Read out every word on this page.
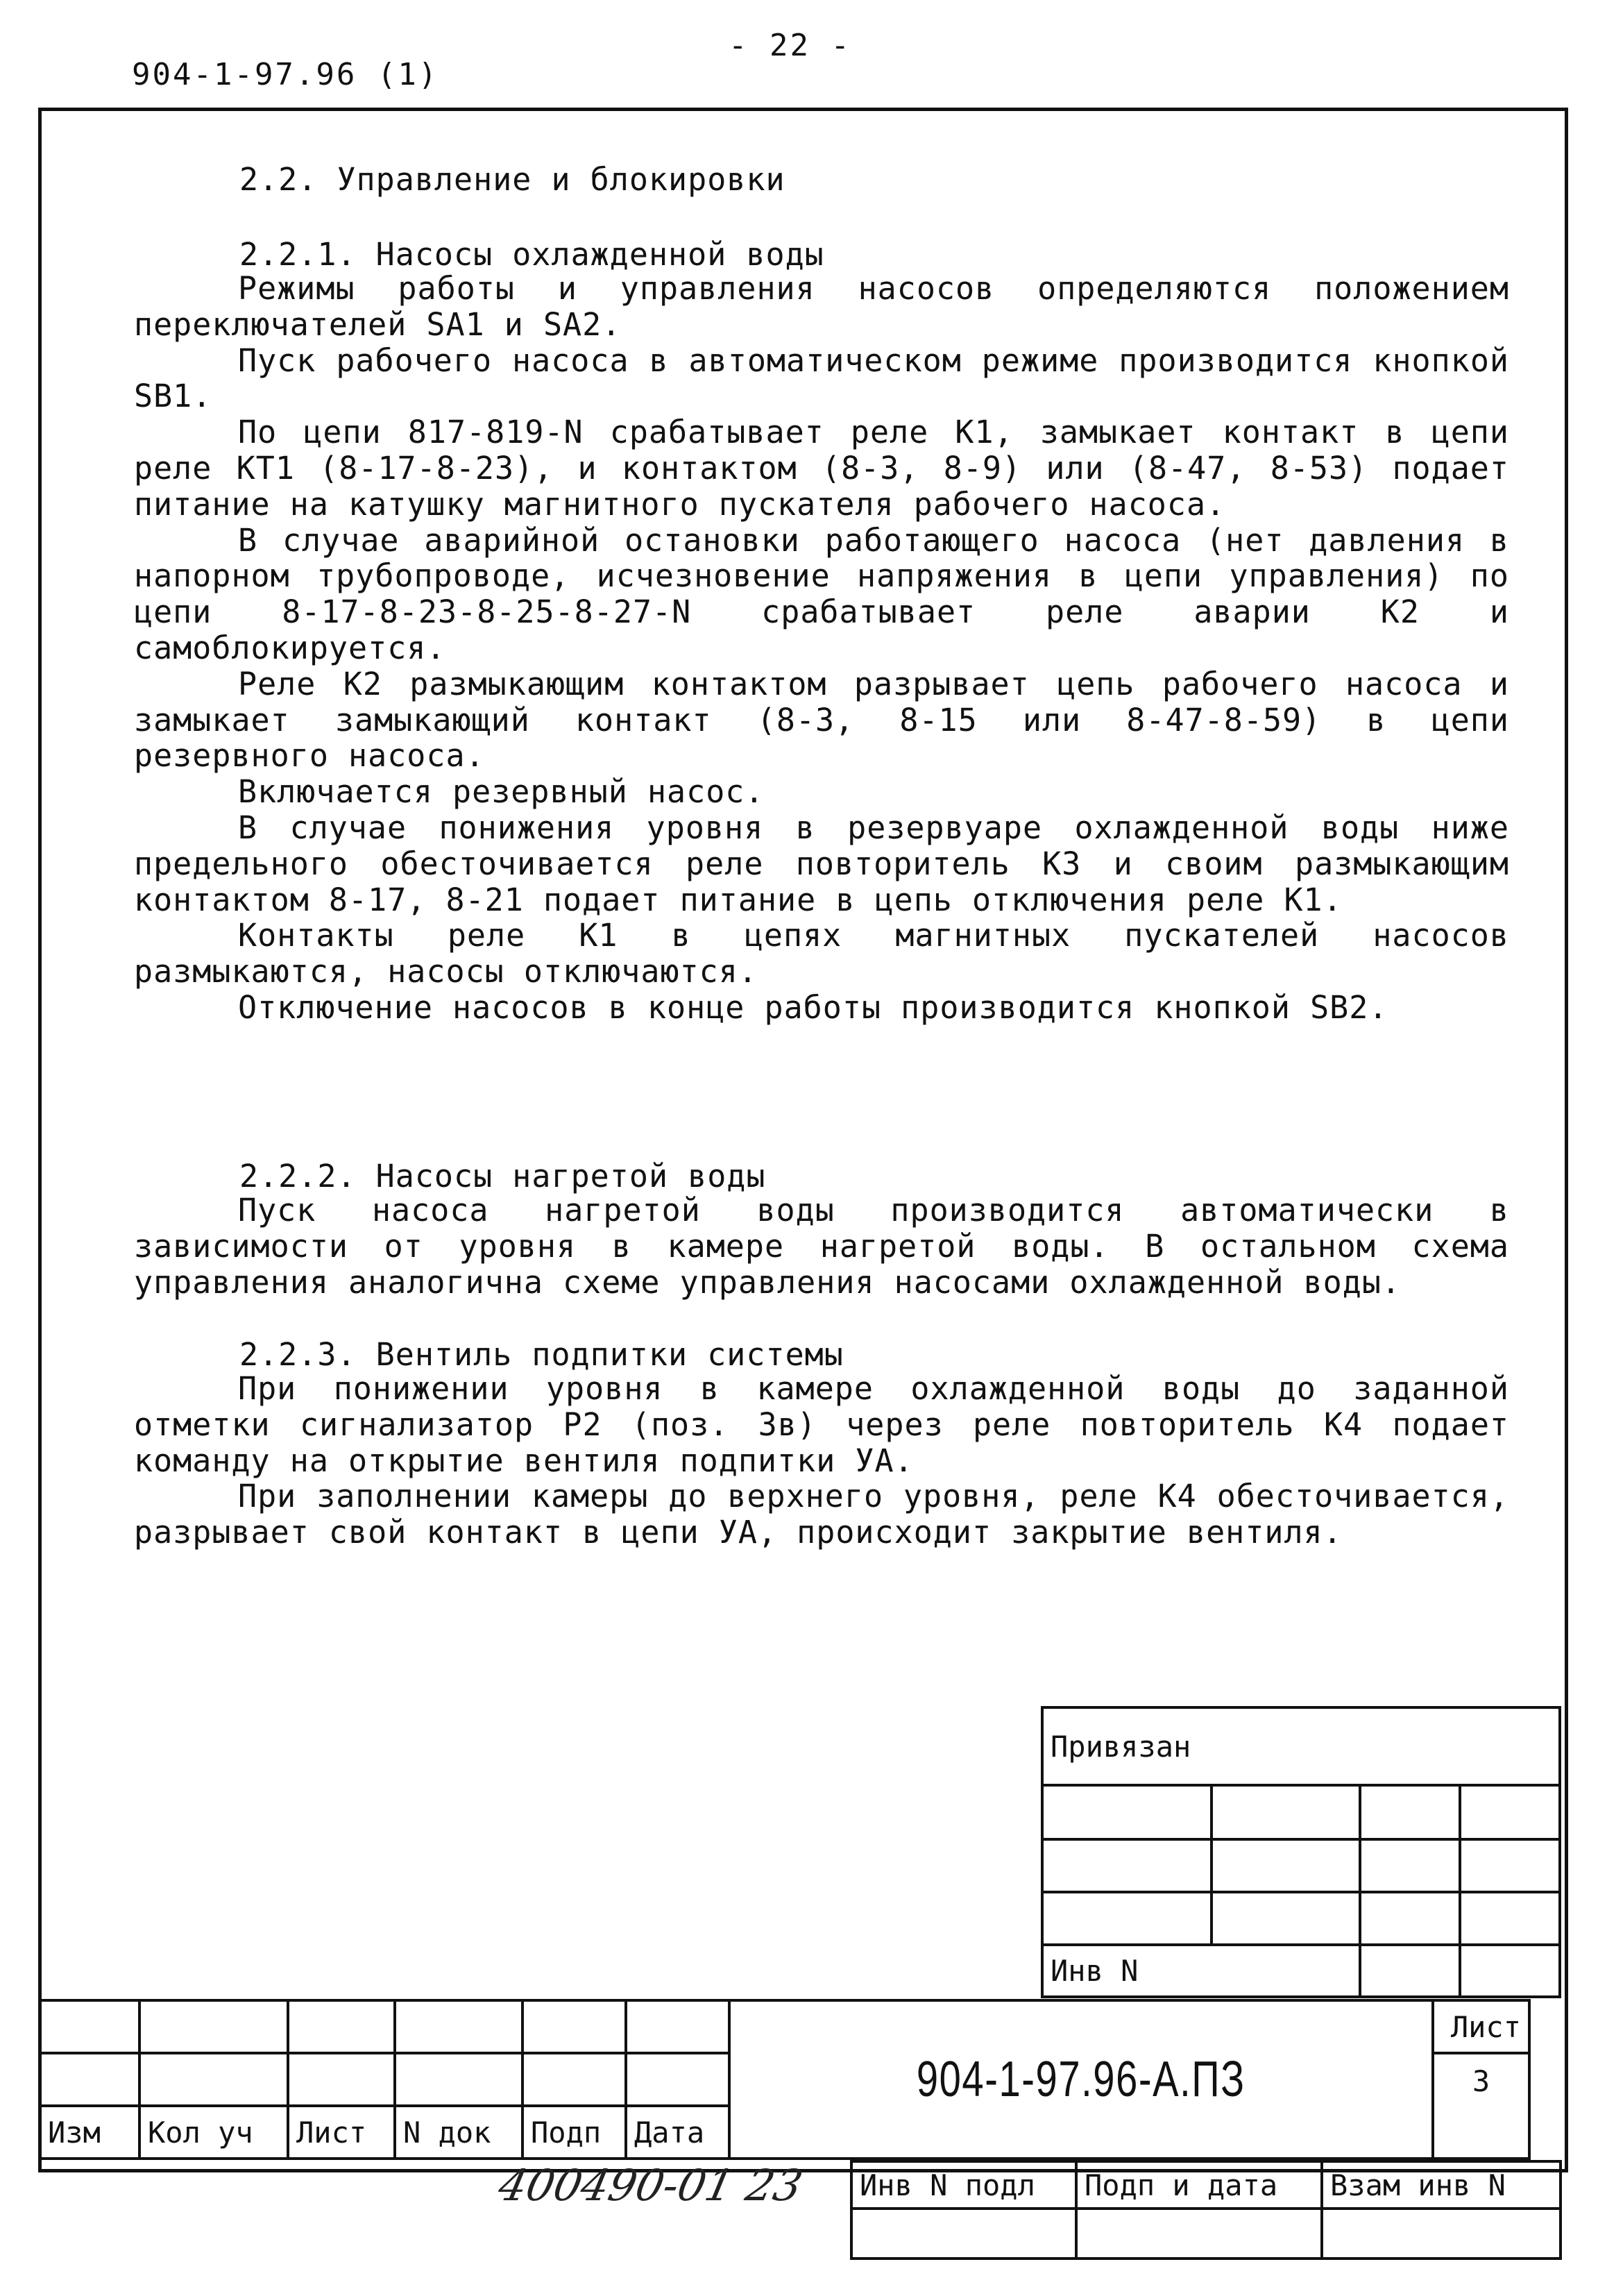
- 22 -
904-1-97.96 (1)
2.2. Управление и блокировки
2.2.1. Насосы охлажденной воды

Режимы работы и управления насосов определяются положением переключателей SA1 и SA2.

Пуск рабочего насоса в автоматическом режиме производится кнопкой SB1.

По цепи 817-819-N срабатывает реле К1, замыкает контакт в цепи реле КТ1 (8-17-8-23), и контактом (8-3, 8-9) или (8-47, 8-53) подает питание на катушку магнитного пускателя рабочего насоса.

В случае аварийной остановки работающего насоса (нет давления в напорном трубопроводе, исчезновение напряжения в цепи управления) по цепи 8-17-8-23-8-25-8-27-N срабатывает реле аварии К2 и самоблокируется.

Реле К2 размыкающим контактом разрывает цепь рабочего насоса и замыкает замыкающий контакт (8-3, 8-15 или 8-47-8-59) в цепи резервного насоса.

Включается резервный насос.

В случае понижения уровня в резервуаре охлажденной воды ниже предельного обесточивается реле повторитель К3 и своим размыкающим контактом 8-17, 8-21 подает питание в цепь отключения реле К1.

Контакты реле К1 в цепях магнитных пускателей насосов размыкаются, насосы отключаются.

Отключение насосов в конце работы производится кнопкой SB2.

2.2.2. Насосы нагретой воды

Пуск насоса нагретой воды производится автоматически в зависимости от уровня в камере нагретой воды. В остальном схема управления аналогична схеме управления насосами охлажденной воды.

2.2.3. Вентиль подпитки системы

При понижении уровня в камере охлажденной воды до заданной отметки сигнализатор Р2 (поз. 3в) через реле повторитель К4 подает команду на открытие вентиля подпитки УА.

При заполнении камеры до верхнего уровня, реле К4 обесточивается, разрывает свой контакт в цепи УА, происходит закрытие вентиля.

Привязан			

Инв N			
						904-1-97.96-А.ПЗ	Лист
							3
Изм	Кол уч	Лист	N док	Подп	Дата		
400490-01 23 Инв N подл	Подп и дата	Взам инв N
